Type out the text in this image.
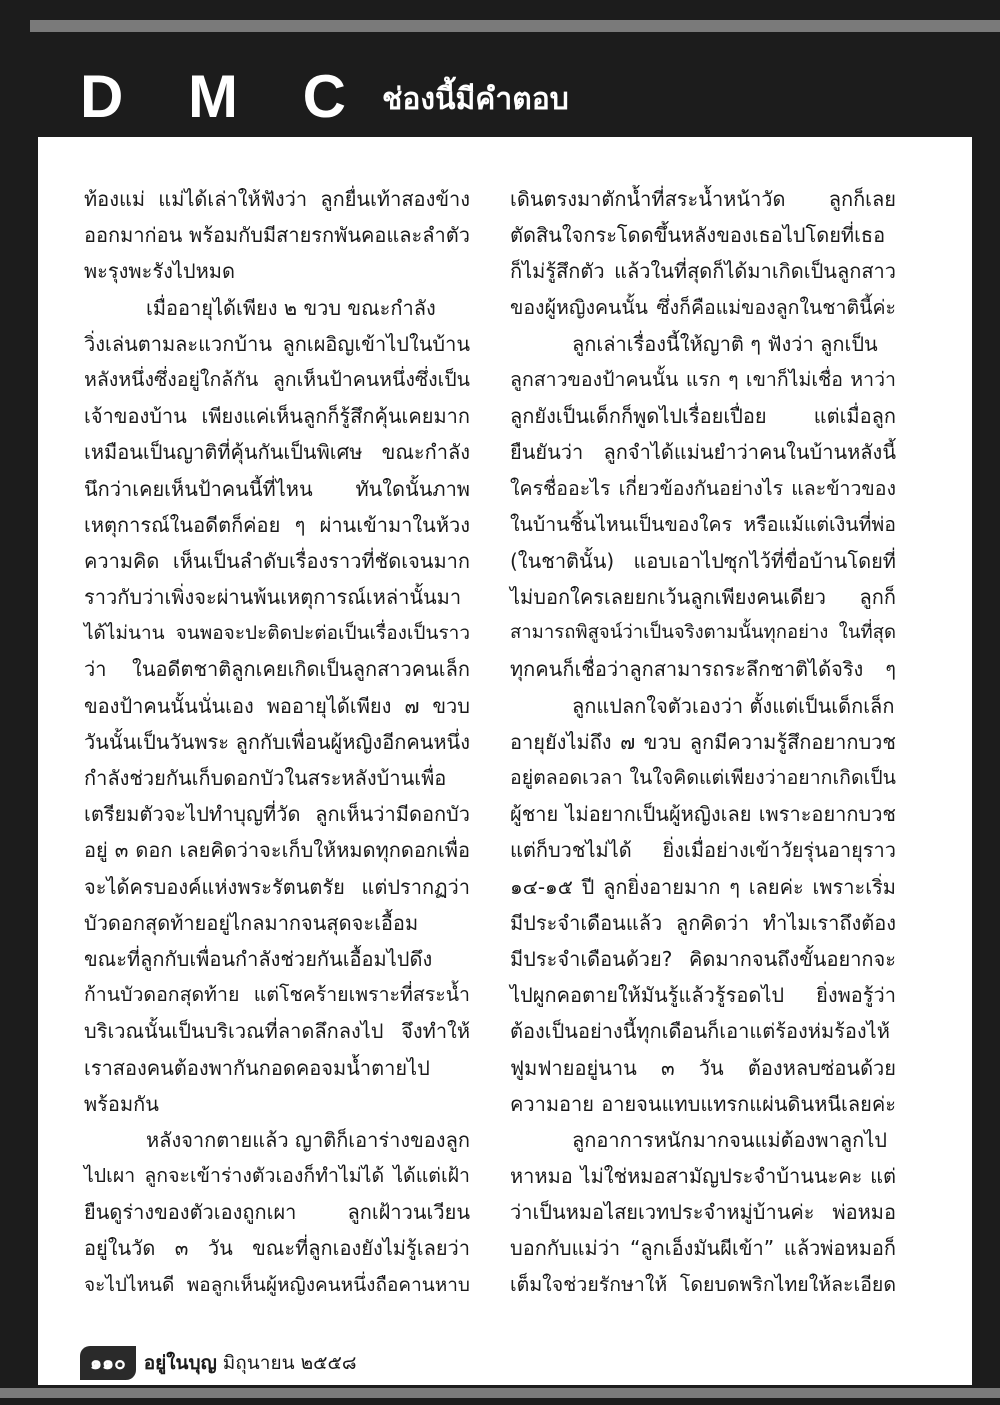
D M C ช่องนี้มีคำตอบ
ท้องแม่ แม่ได้เล่าให้ฟังว่า ลูกยื่นเท้าสองข้าง
ออกมาก่อน พร้อมกับมีสายรกพันคอและลำตัว
พะรุงพะรังไปหมด
เมื่ออายุได้เพียง ๒ ขวบ ขณะกำลัง
วิ่งเล่นตามละแวกบ้าน ลูกเผอิญเข้าไปในบ้าน
หลังหนึ่งซึ่งอยู่ใกล้กัน ลูกเห็นป้าคนหนึ่งซึ่งเป็น
เจ้าของบ้าน เพียงแค่เห็นลูกก็รู้สึกคุ้นเคยมาก
เหมือนเป็นญาติที่คุ้นกันเป็นพิเศษ ขณะกำลัง
นึกว่าเคยเห็นป้าคนนี้ที่ไหน ทันใดนั้นภาพ
เหตุการณ์ในอดีตก็ค่อย ๆ ผ่านเข้ามาในห้วง
ความคิด เห็นเป็นลำดับเรื่องราวที่ชัดเจนมาก
ราวกับว่าเพิ่งจะผ่านพ้นเหตุการณ์เหล่านั้นมา
ได้ไม่นาน จนพอจะปะติดปะต่อเป็นเรื่องเป็นราว
ว่า ในอดีตชาติลูกเคยเกิดเป็นลูกสาวคนเล็ก
ของป้าคนนั้นนั่นเอง พออายุได้เพียง ๗ ขวบ
วันนั้นเป็นวันพระ ลูกกับเพื่อนผู้หญิงอีกคนหนึ่ง
กำลังช่วยกันเก็บดอกบัวในสระหลังบ้านเพื่อ
เตรียมตัวจะไปทำบุญที่วัด ลูกเห็นว่ามีดอกบัว
อยู่ ๓ ดอก เลยคิดว่าจะเก็บให้หมดทุกดอกเพื่อ
จะได้ครบองค์แห่งพระรัตนตรัย แต่ปรากฏว่า
บัวดอกสุดท้ายอยู่ไกลมากจนสุดจะเอื้อม
ขณะที่ลูกกับเพื่อนกำลังช่วยกันเอื้อมไปดึง
ก้านบัวดอกสุดท้าย แต่โชคร้ายเพราะที่สระน้ำ
บริเวณนั้นเป็นบริเวณที่ลาดลึกลงไป จึงทำให้
เราสองคนต้องพากันกอดคอจมน้ำตายไป
พร้อมกัน
หลังจากตายแล้ว ญาติก็เอาร่างของลูก
ไปเผา ลูกจะเข้าร่างตัวเองก็ทำไม่ได้ ได้แต่เฝ้า
ยืนดูร่างของตัวเองถูกเผา ลูกเฝ้าวนเวียน
อยู่ในวัด ๓ วัน ขณะที่ลูกเองยังไม่รู้เลยว่า
จะไปไหนดี พอลูกเห็นผู้หญิงคนหนึ่งถือคานหาบ
เดินตรงมาตักน้ำที่สระน้ำหน้าวัด ลูกก็เลย
ตัดสินใจกระโดดขึ้นหลังของเธอไปโดยที่เธอ
ก็ไม่รู้สึกตัว แล้วในที่สุดก็ได้มาเกิดเป็นลูกสาว
ของผู้หญิงคนนั้น ซึ่งก็คือแม่ของลูกในชาตินี้ค่ะ
ลูกเล่าเรื่องนี้ให้ญาติ ๆ ฟังว่า ลูกเป็น
ลูกสาวของป้าคนนั้น แรก ๆ เขาก็ไม่เชื่อ หาว่า
ลูกยังเป็นเด็กก็พูดไปเรื่อยเปื่อย แต่เมื่อลูก
ยืนยันว่า ลูกจำได้แม่นยำว่าคนในบ้านหลังนี้
ใครชื่ออะไร เกี่ยวข้องกันอย่างไร และข้าวของ
ในบ้านชิ้นไหนเป็นของใคร หรือแม้แต่เงินที่พ่อ
(ในชาตินั้น) แอบเอาไปซุกไว้ที่ขื่อบ้านโดยที่
ไม่บอกใครเลยยกเว้นลูกเพียงคนเดียว ลูกก็
สามารถพิสูจน์ว่าเป็นจริงตามนั้นทุกอย่าง ในที่สุด
ทุกคนก็เชื่อว่าลูกสามารถระลึกชาติได้จริง ๆ
ลูกแปลกใจตัวเองว่า ตั้งแต่เป็นเด็กเล็ก
อายุยังไม่ถึง ๗ ขวบ ลูกมีความรู้สึกอยากบวช
อยู่ตลอดเวลา ในใจคิดแต่เพียงว่าอยากเกิดเป็น
ผู้ชาย ไม่อยากเป็นผู้หญิงเลย เพราะอยากบวช
แต่ก็บวชไม่ได้ ยิ่งเมื่อย่างเข้าวัยรุ่นอายุราว
๑๔-๑๕ ปี ลูกยิ่งอายมาก ๆ เลยค่ะ เพราะเริ่ม
มีประจำเดือนแล้ว ลูกคิดว่า ทำไมเราถึงต้อง
มีประจำเดือนด้วย? คิดมากจนถึงขั้นอยากจะ
ไปผูกคอตายให้มันรู้แล้วรู้รอดไป ยิ่งพอรู้ว่า
ต้องเป็นอย่างนี้ทุกเดือนก็เอาแต่ร้องห่มร้องไห้
ฟูมฟายอยู่นาน ๓ วัน ต้องหลบซ่อนด้วย
ความอาย อายจนแทบแทรกแผ่นดินหนีเลยค่ะ
ลูกอาการหนักมากจนแม่ต้องพาลูกไป
หาหมอ ไม่ใช่หมอสามัญประจำบ้านนะคะ แต่
ว่าเป็นหมอไสยเวทประจำหมู่บ้านค่ะ พ่อหมอ
บอกกับแม่ว่า “ลูกเอ็งมันผีเข้า” แล้วพ่อหมอก็
เต็มใจช่วยรักษาให้ โดยบดพริกไทยให้ละเอียด
๑๑๐ อยู่ในบุญ มิถุนายน ๒๕๕๘
